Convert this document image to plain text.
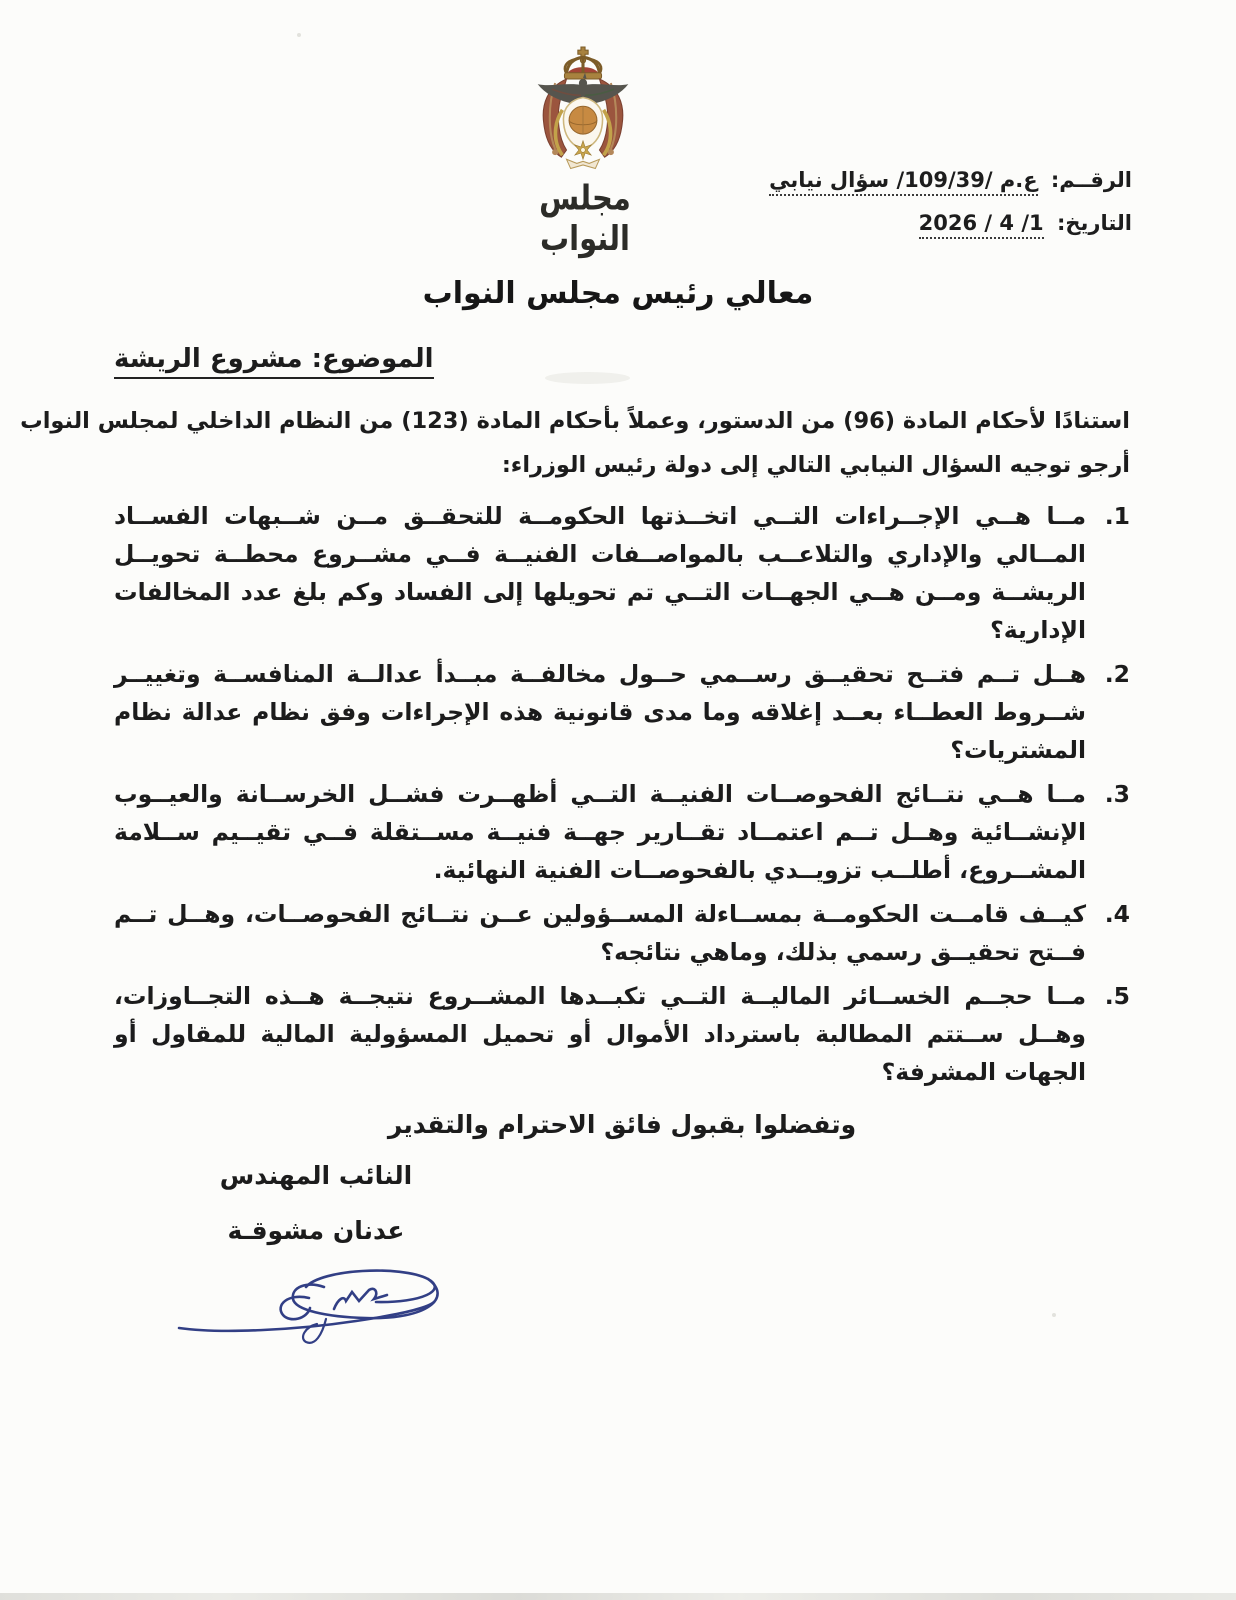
مجلس النواب
الرقــم: ع.م /109/39/ سؤال نيابي
التاريخ: 1/ 4 / 2026
معالي رئيس مجلس النواب
الموضوع: مشروع الريشة

استنادًا لأحكام المادة (96) من الدستور، وعملاً بأحكام المادة (123) من النظام الداخلي لمجلس النواب

أرجو توجيه السؤال النيابي التالي إلى دولة رئيس الوزراء:

1.
مــا هــي الإجــراءات التــي اتخــذتها الحكومــة للتحقــق مــن شــبهات الفســاد المــالي والإداري والتلاعــب بالمواصــفات الفنيــة فــي مشــروع محطــة تحويــل الريشــة ومــن هــي الجهــات التــي تم تحويلها إلى الفساد وكم بلغ عدد المخالفات الإدارية؟
2.
هــل تــم فتــح تحقيــق رســمي حــول مخالفــة مبــدأ عدالــة المنافســة وتغييــر شــروط العطــاء بعــد إغلاقه وما مدى قانونية هذه الإجراءات وفق نظام عدالة نظام المشتريات؟
3.
مــا هــي نتــائج الفحوصــات الفنيــة التــي أظهــرت فشــل الخرســانة والعيــوب الإنشــائية وهــل تــم اعتمــاد تقــارير جهــة فنيــة مســتقلة فــي تقيــيم ســلامة المشــروع، أطلــب تزويــدي بالفحوصــات الفنية النهائية.
4.
كيــف قامــت الحكومــة بمســاءلة المســؤولين عــن نتــائج الفحوصــات، وهــل تــم فــتح تحقيــق رسمي بذلك، وماهي نتائجه؟
5.
مــا حجــم الخســائر الماليــة التــي تكبــدها المشــروع نتيجــة هــذه التجــاوزات، وهــل ســتتم المطالبة باسترداد الأموال أو تحميل المسؤولية المالية للمقاول أو الجهات المشرفة؟
وتفضلوا بقبول فائق الاحترام والتقدير
النائب المهندس
عدنان مشوقـة
